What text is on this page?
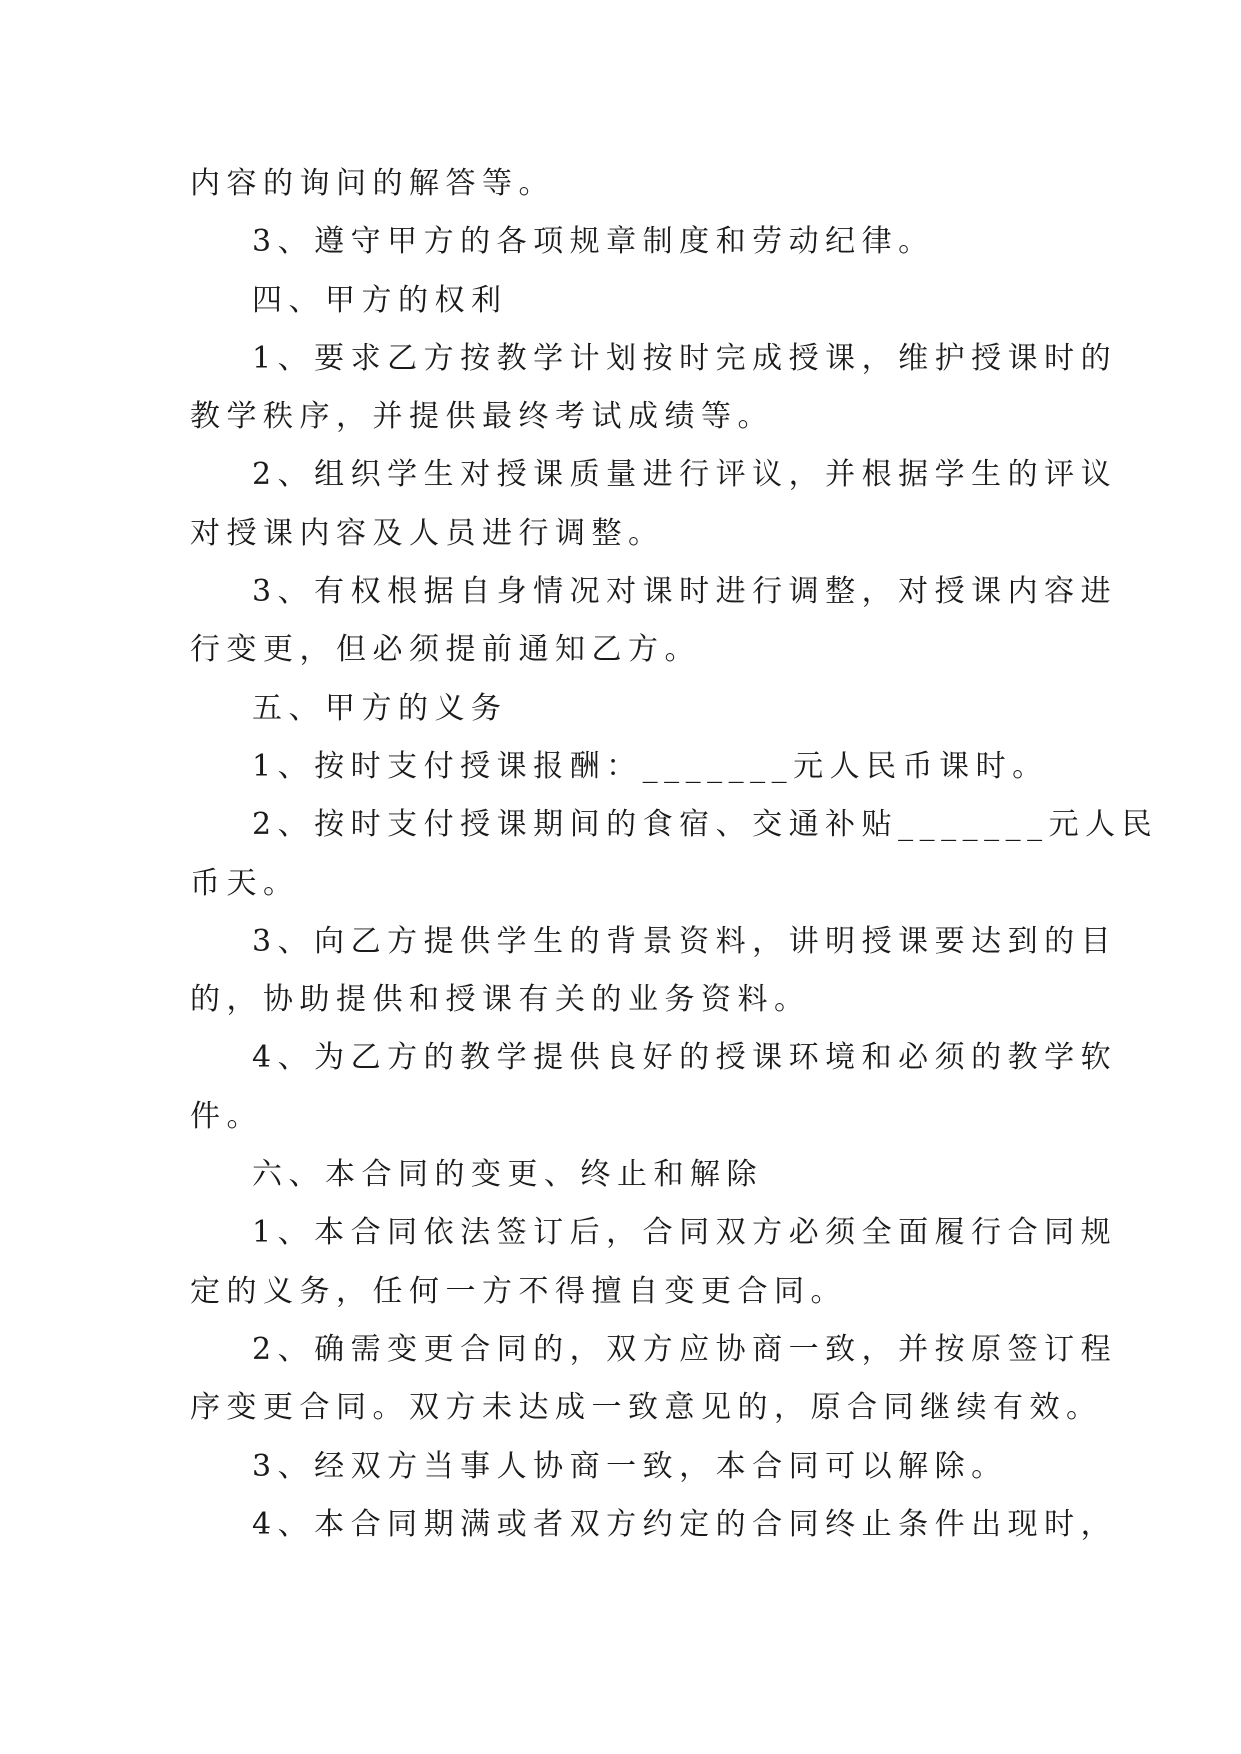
内容的询问的解答等。
3、遵守甲方的各项规章制度和劳动纪律。
四、甲方的权利
1、要求乙方按教学计划按时完成授课，维护授课时的
教学秩序，并提供最终考试成绩等。
2、组织学生对授课质量进行评议，并根据学生的评议
对授课内容及人员进行调整。
3、有权根据自身情况对课时进行调整，对授课内容进
行变更，但必须提前通知乙方。
五、甲方的义务
1、按时支付授课报酬：_______元人民币课时。
2、按时支付授课期间的食宿、交通补贴_______元人民
币天。
3、向乙方提供学生的背景资料，讲明授课要达到的目
的，协助提供和授课有关的业务资料。
4、为乙方的教学提供良好的授课环境和必须的教学软
件。
六、本合同的变更、终止和解除
1、本合同依法签订后，合同双方必须全面履行合同规
定的义务，任何一方不得擅自变更合同。
2、确需变更合同的，双方应协商一致，并按原签订程
序变更合同。双方未达成一致意见的，原合同继续有效。
3、经双方当事人协商一致，本合同可以解除。
4、本合同期满或者双方约定的合同终止条件出现时，
